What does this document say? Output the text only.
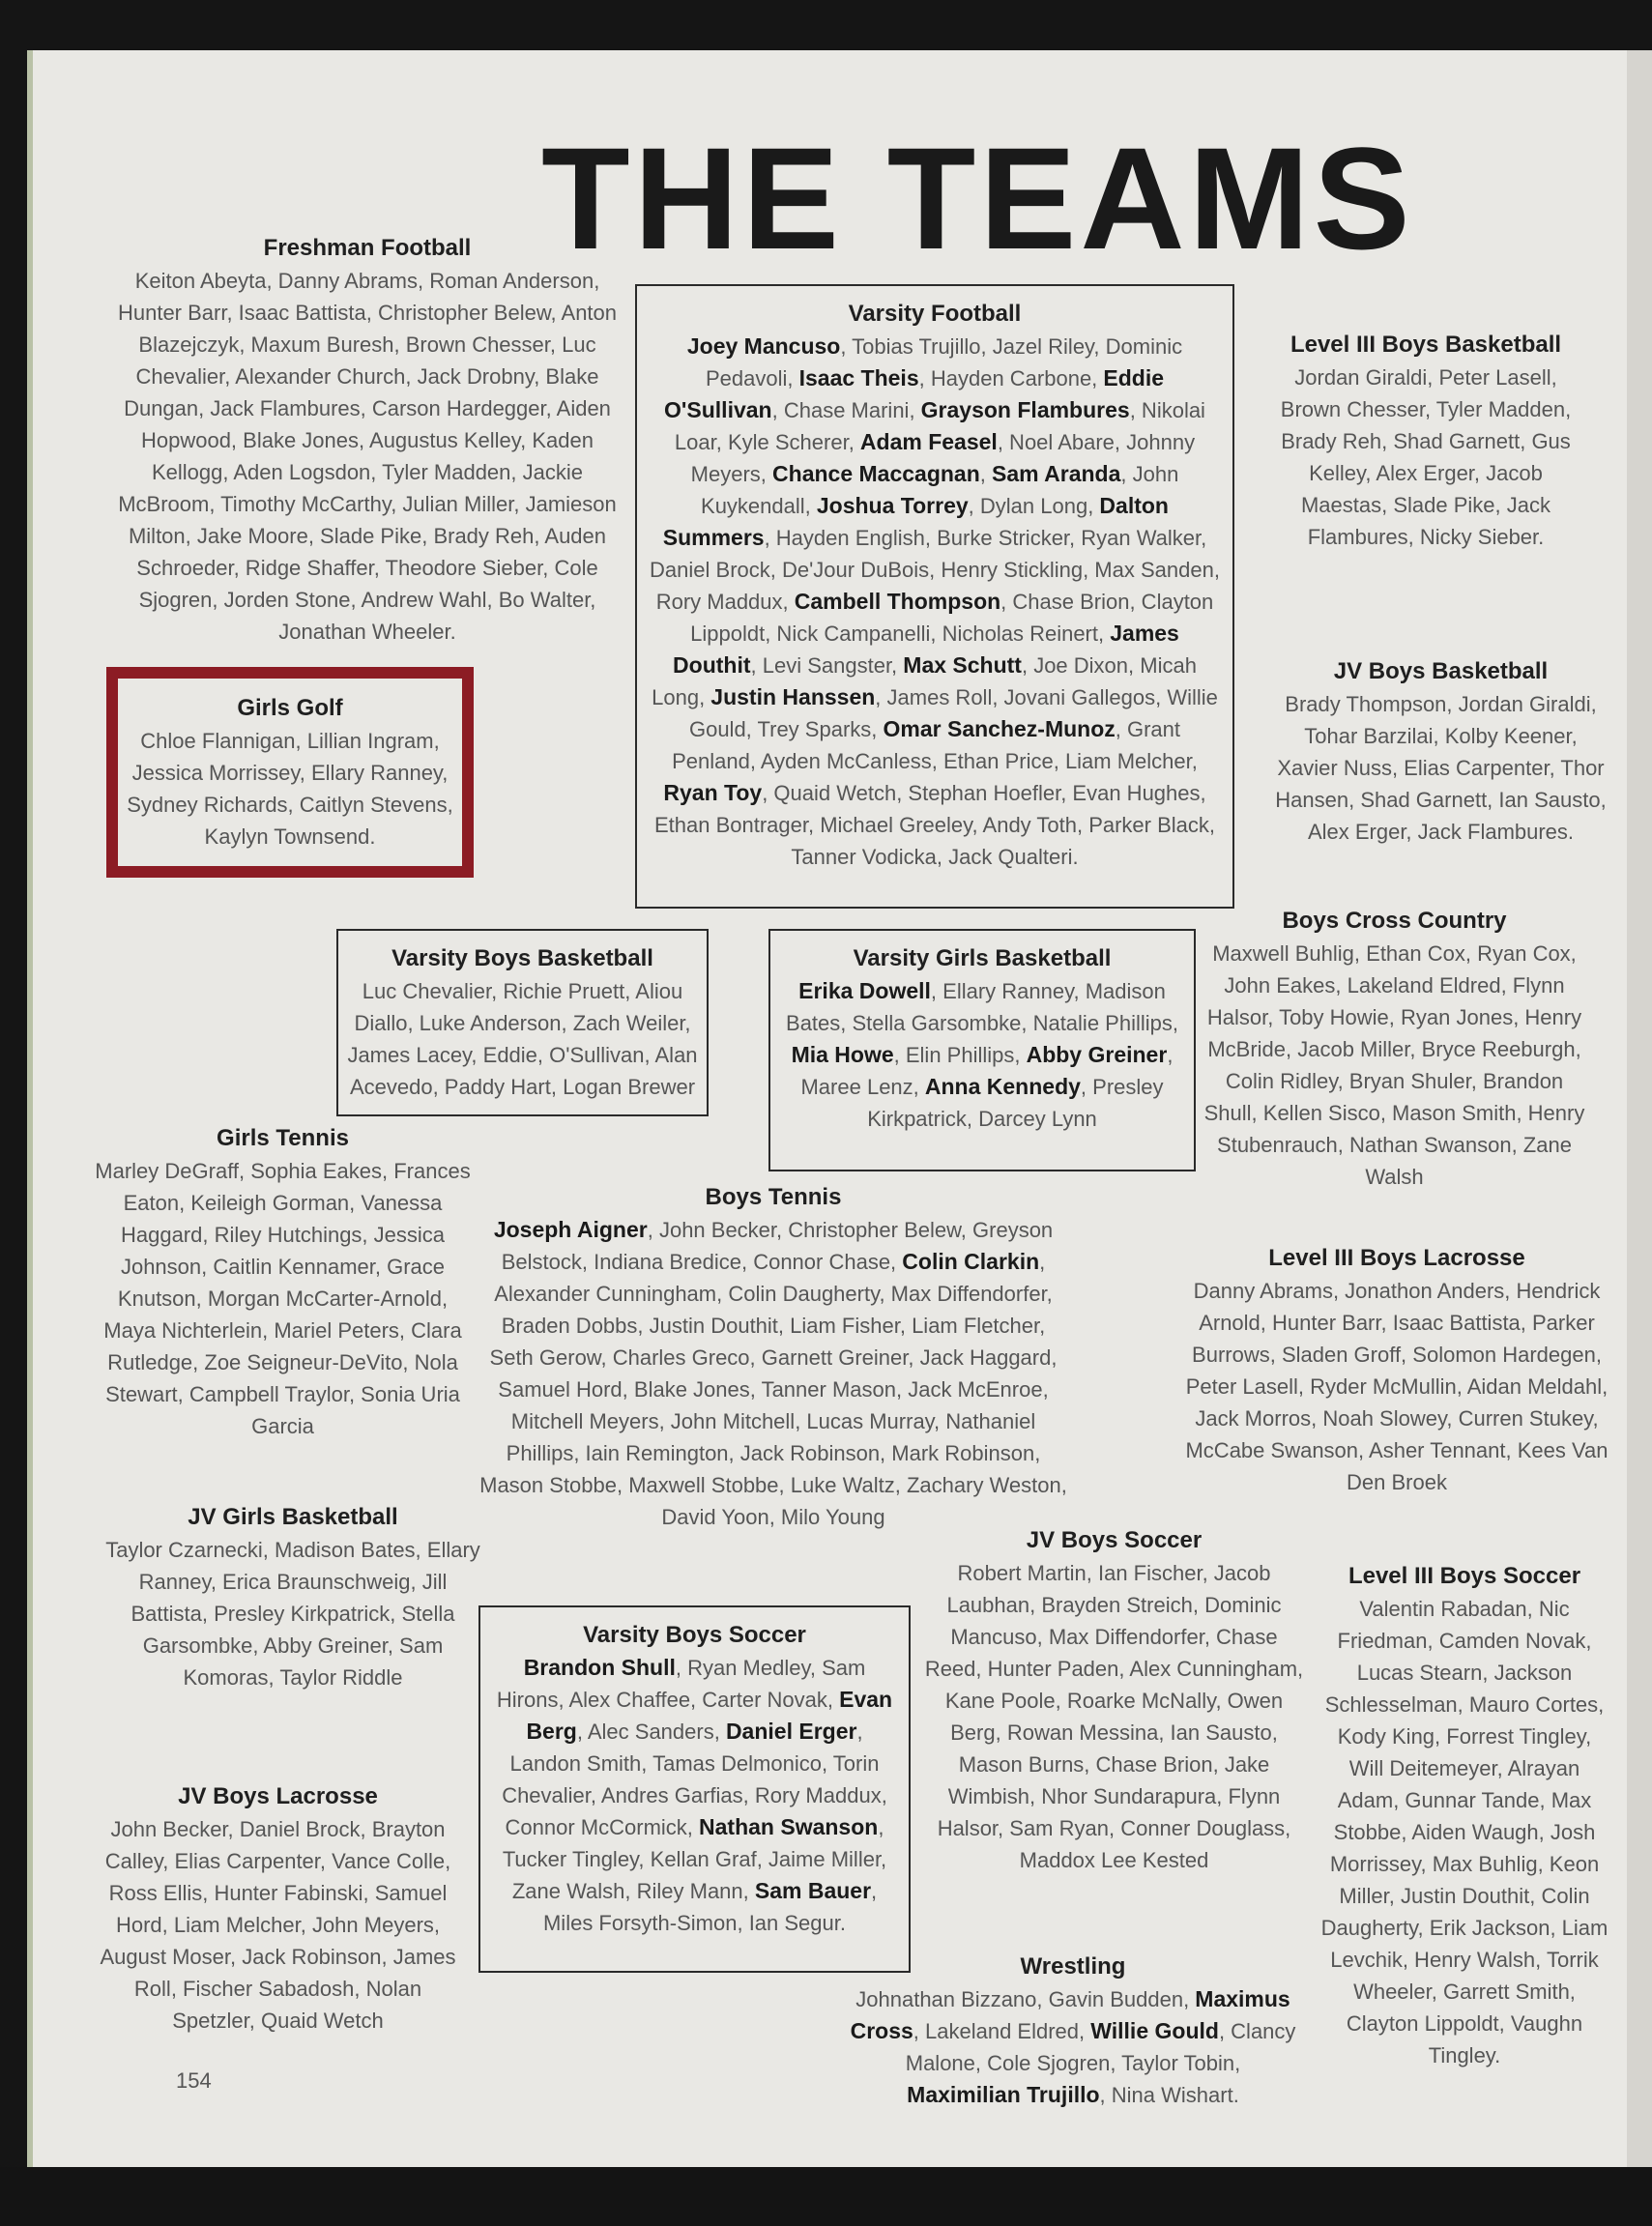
THE TEAMS
Freshman Football
Keiton Abeyta, Danny Abrams, Roman Anderson, Hunter Barr, Isaac Battista, Christopher Belew, Anton Blazejczyk, Maxum Buresh, Brown Chesser, Luc Chevalier, Alexander Church, Jack Drobny, Blake Dungan, Jack Flambures, Carson Hardegger, Aiden Hopwood, Blake Jones, Augustus Kelley, Kaden Kellogg, Aden Logsdon, Tyler Madden, Jackie McBroom, Timothy McCarthy, Julian Miller, Jamieson Milton, Jake Moore, Slade Pike, Brady Reh, Auden Schroeder, Ridge Shaffer, Theodore Sieber, Cole Sjogren, Jorden Stone, Andrew Wahl, Bo Walter, Jonathan Wheeler.
Varsity Football
Joey Mancuso, Tobias Trujillo, Jazel Riley, Dominic Pedavoli, Isaac Theis, Hayden Carbone, Eddie O'Sullivan, Chase Marini, Grayson Flambures, Nikolai Loar, Kyle Scherer, Adam Feasel, Noel Abare, Johnny Meyers, Chance Maccagnan, Sam Aranda, John Kuykendall, Joshua Torrey, Dylan Long, Dalton Summers, Hayden English, Burke Stricker, Ryan Walker, Daniel Brock, De'Jour DuBois, Henry Stickling, Max Sanden, Rory Maddux, Cambell Thompson, Chase Brion, Clayton Lippoldt, Nick Campanelli, Nicholas Reinert, James Douthit, Levi Sangster, Max Schutt, Joe Dixon, Micah Long, Justin Hanssen, James Roll, Jovani Gallegos, Willie Gould, Trey Sparks, Omar Sanchez-Munoz, Grant Penland, Ayden McCanless, Ethan Price, Liam Melcher, Ryan Toy, Quaid Wetch, Stephan Hoefler, Evan Hughes, Ethan Bontrager, Michael Greeley, Andy Toth, Parker Black, Tanner Vodicka, Jack Qualteri.
Level III Boys Basketball
Jordan Giraldi, Peter Lasell, Brown Chesser, Tyler Madden, Brady Reh, Shad Garnett, Gus Kelley, Alex Erger, Jacob Maestas, Slade Pike, Jack Flambures, Nicky Sieber.
Girls Golf
Chloe Flannigan, Lillian Ingram, Jessica Morrissey, Ellary Ranney, Sydney Richards, Caitlyn Stevens, Kaylyn Townsend.
JV Boys Basketball
Brady Thompson, Jordan Giraldi, Tohar Barzilai, Kolby Keener, Xavier Nuss, Elias Carpenter, Thor Hansen, Shad Garnett, Ian Sausto, Alex Erger, Jack Flambures.
Varsity Boys Basketball
Luc Chevalier, Richie Pruett, Aliou Diallo, Luke Anderson, Zach Weiler, James Lacey, Eddie, O'Sullivan, Alan Acevedo, Paddy Hart, Logan Brewer
Varsity Girls Basketball
Erika Dowell, Ellary Ranney, Madison Bates, Stella Garsombke, Natalie Phillips, Mia Howe, Elin Phillips, Abby Greiner, Maree Lenz, Anna Kennedy, Presley Kirkpatrick, Darcey Lynn
Boys Cross Country
Maxwell Buhlig, Ethan Cox, Ryan Cox, John Eakes, Lakeland Eldred, Flynn Halsor, Toby Howie, Ryan Jones, Henry McBride, Jacob Miller, Bryce Reeburgh, Colin Ridley, Bryan Shuler, Brandon Shull, Kellen Sisco, Mason Smith, Henry Stubenrauch, Nathan Swanson, Zane Walsh
Girls Tennis
Marley DeGraff, Sophia Eakes, Frances Eaton, Keileigh Gorman, Vanessa Haggard, Riley Hutchings, Jessica Johnson, Caitlin Kennamer, Grace Knutson, Morgan McCarter-Arnold, Maya Nichterlein, Mariel Peters, Clara Rutledge, Zoe Seigneur-DeVito, Nola Stewart, Campbell Traylor, Sonia Uria Garcia
Boys Tennis
Joseph Aigner, John Becker, Christopher Belew, Greyson Belstock, Indiana Bredice, Connor Chase, Colin Clarkin, Alexander Cunningham, Colin Daugherty, Max Diffendorfer, Braden Dobbs, Justin Douthit, Liam Fisher, Liam Fletcher, Seth Gerow, Charles Greco, Garnett Greiner, Jack Haggard, Samuel Hord, Blake Jones, Tanner Mason, Jack McEnroe, Mitchell Meyers, John Mitchell, Lucas Murray, Nathaniel Phillips, Iain Remington, Jack Robinson, Mark Robinson, Mason Stobbe, Maxwell Stobbe, Luke Waltz, Zachary Weston, David Yoon, Milo Young
Level III Boys Lacrosse
Danny Abrams, Jonathon Anders, Hendrick Arnold, Hunter Barr, Isaac Battista, Parker Burrows, Sladen Groff, Solomon Hardegen, Peter Lasell, Ryder McMullin, Aidan Meldahl, Jack Morros, Noah Slowey, Curren Stukey, McCabe Swanson, Asher Tennant, Kees Van Den Broek
JV Girls Basketball
Taylor Czarnecki, Madison Bates, Ellary Ranney, Erica Braunschweig, Jill Battista, Presley Kirkpatrick, Stella Garsombke, Abby Greiner, Sam Komoras, Taylor Riddle
JV Boys Soccer
Robert Martin, Ian Fischer, Jacob Laubhan, Brayden Streich, Dominic Mancuso, Max Diffendorfer, Chase Reed, Hunter Paden, Alex Cunningham, Kane Poole, Roarke McNally, Owen Berg, Rowan Messina, Ian Sausto, Mason Burns, Chase Brion, Jake Wimbish, Nhor Sundarapura, Flynn Halsor, Sam Ryan, Conner Douglass, Maddox Lee Kested
Level III Boys Soccer
Valentin Rabadan, Nic Friedman, Camden Novak, Lucas Stearn, Jackson Schlesselman, Mauro Cortes, Kody King, Forrest Tingley, Will Deitemeyer, Alrayan Adam, Gunnar Tande, Max Stobbe, Aiden Waugh, Josh Morrissey, Max Buhlig, Keon Miller, Justin Douthit, Colin Daugherty, Erik Jackson, Liam Levchik, Henry Walsh, Torrik Wheeler, Garrett Smith, Clayton Lippoldt, Vaughn Tingley.
Varsity Boys Soccer
Brandon Shull, Ryan Medley, Sam Hirons, Alex Chaffee, Carter Novak, Evan Berg, Alec Sanders, Daniel Erger, Landon Smith, Tamas Delmonico, Torin Chevalier, Andres Garfias, Rory Maddux, Connor McCormick, Nathan Swanson, Tucker Tingley, Kellan Graf, Jaime Miller, Zane Walsh, Riley Mann, Sam Bauer, Miles Forsyth-Simon, Ian Segur.
JV Boys Lacrosse
John Becker, Daniel Brock, Brayton Calley, Elias Carpenter, Vance Colle, Ross Ellis, Hunter Fabinski, Samuel Hord, Liam Melcher, John Meyers, August Moser, Jack Robinson, James Roll, Fischer Sabadosh, Nolan Spetzler, Quaid Wetch
Wrestling
Johnathan Bizzano, Gavin Budden, Maximus Cross, Lakeland Eldred, Willie Gould, Clancy Malone, Cole Sjogren, Taylor Tobin, Maximilian Trujillo, Nina Wishart.
154
